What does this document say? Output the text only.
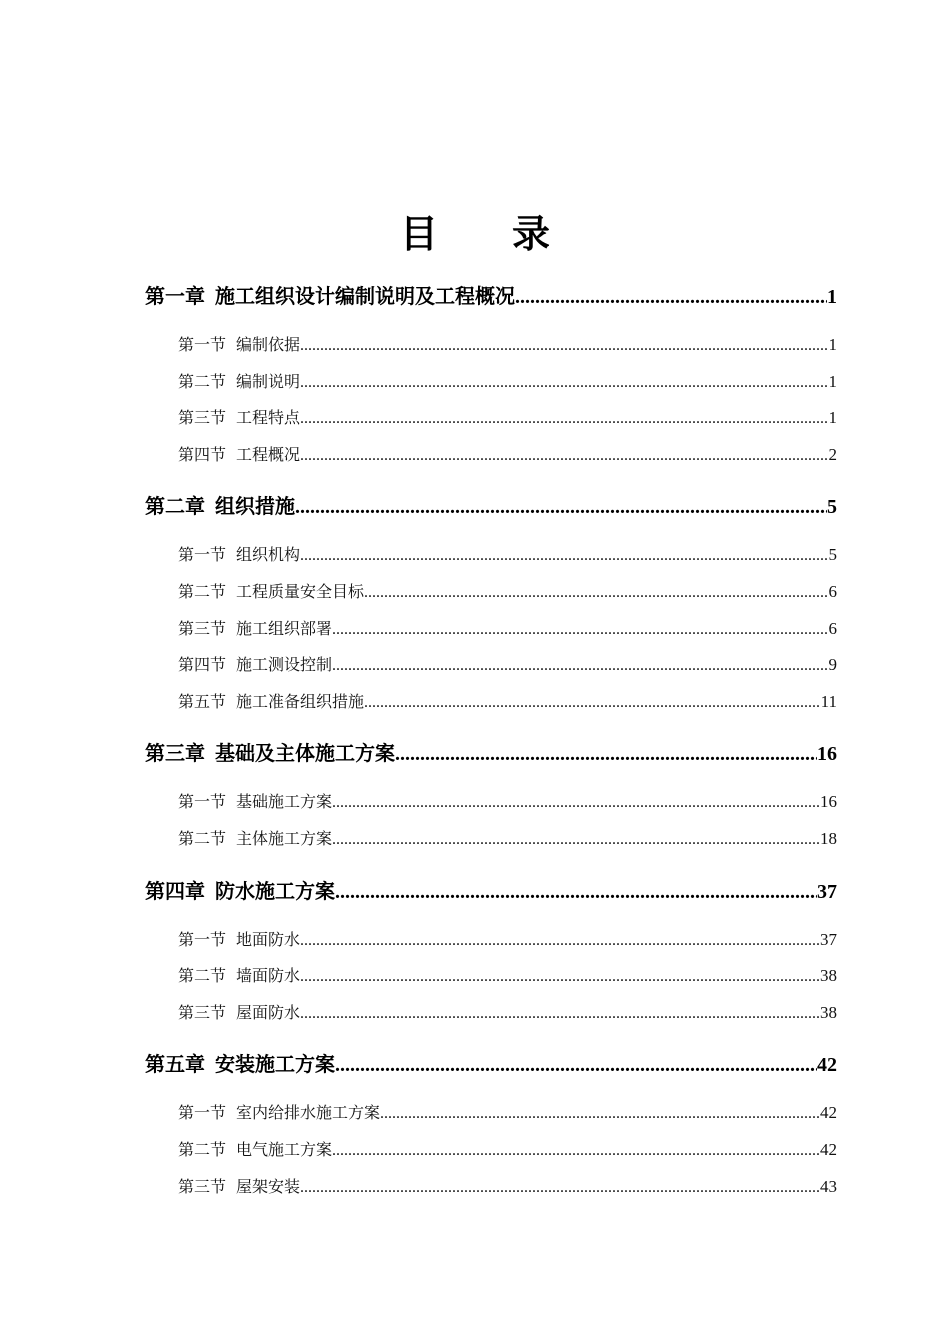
目 录
第一章 施工组织设计编制说明及工程概况 .....	1
第一节 编制依据 .....	1
第二节 编制说明 .....	1
第三节 工程特点 .....	1
第四节 工程概况 .....	2
第二章 组织措施 .....	5
第一节 组织机构 .....	5
第二节 工程质量安全目标 .....	6
第三节 施工组织部署 .....	6
第四节 施工测设控制 .....	9
第五节 施工准备组织措施 .....	11
第三章 基础及主体施工方案 .....	16
第一节 基础施工方案 .....	16
第二节 主体施工方案 .....	18
第四章 防水施工方案 .....	37
第一节 地面防水 .....	37
第二节 墙面防水 .....	38
第三节 屋面防水 .....	38
第五章 安装施工方案 .....	42
第一节 室内给排水施工方案 .....	42
第二节 电气施工方案 .....	42
第三节 屋架安装 .....	43
